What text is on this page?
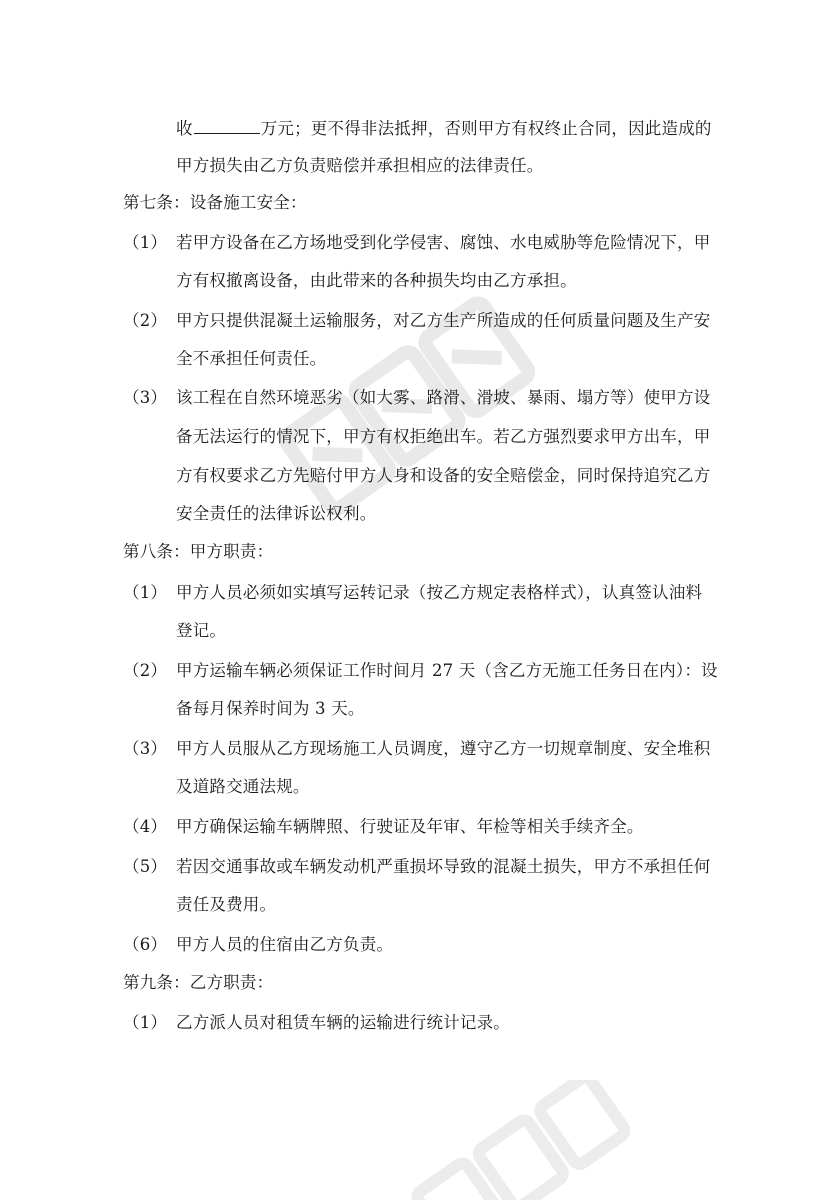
收	万元；更不得非法抵押，否则甲方有权终止合同，因此造成的
甲方损失由乙方负责赔偿并承担相应的法律责任。
第七条：设备施工安全：
（1） 若甲方设备在乙方场地受到化学侵害、腐蚀、水电威胁等危险情况下，甲
方有权撤离设备，由此带来的各种损失均由乙方承担。
（2） 甲方只提供混凝土运输服务，对乙方生产所造成的任何质量问题及生产安
全不承担任何责任。
（3） 该工程在自然环境恶劣（如大雾、路滑、滑坡、暴雨、塌方等）使甲方设
备无法运行的情况下，甲方有权拒绝出车。若乙方强烈要求甲方出车，甲
方有权要求乙方先赔付甲方人身和设备的安全赔偿金，同时保持追究乙方
安全责任的法律诉讼权利。
第八条：甲方职责：
（1） 甲方人员必须如实填写运转记录（按乙方规定表格样式），认真签认油料
登记。
（2） 甲方运输车辆必须保证工作时间月 27 天（含乙方无施工任务日在内）：设
备每月保养时间为 3 天。
（3） 甲方人员服从乙方现场施工人员调度，遵守乙方一切规章制度、安全堆积
及道路交通法规。
（4） 甲方确保运输车辆牌照、行驶证及年审、年检等相关手续齐全。
（5） 若因交通事故或车辆发动机严重损坏导致的混凝土损失，甲方不承担任何
责任及费用。
（6） 甲方人员的住宿由乙方负责。
第九条：乙方职责：
（1） 乙方派人员对租赁车辆的运输进行统计记录。
